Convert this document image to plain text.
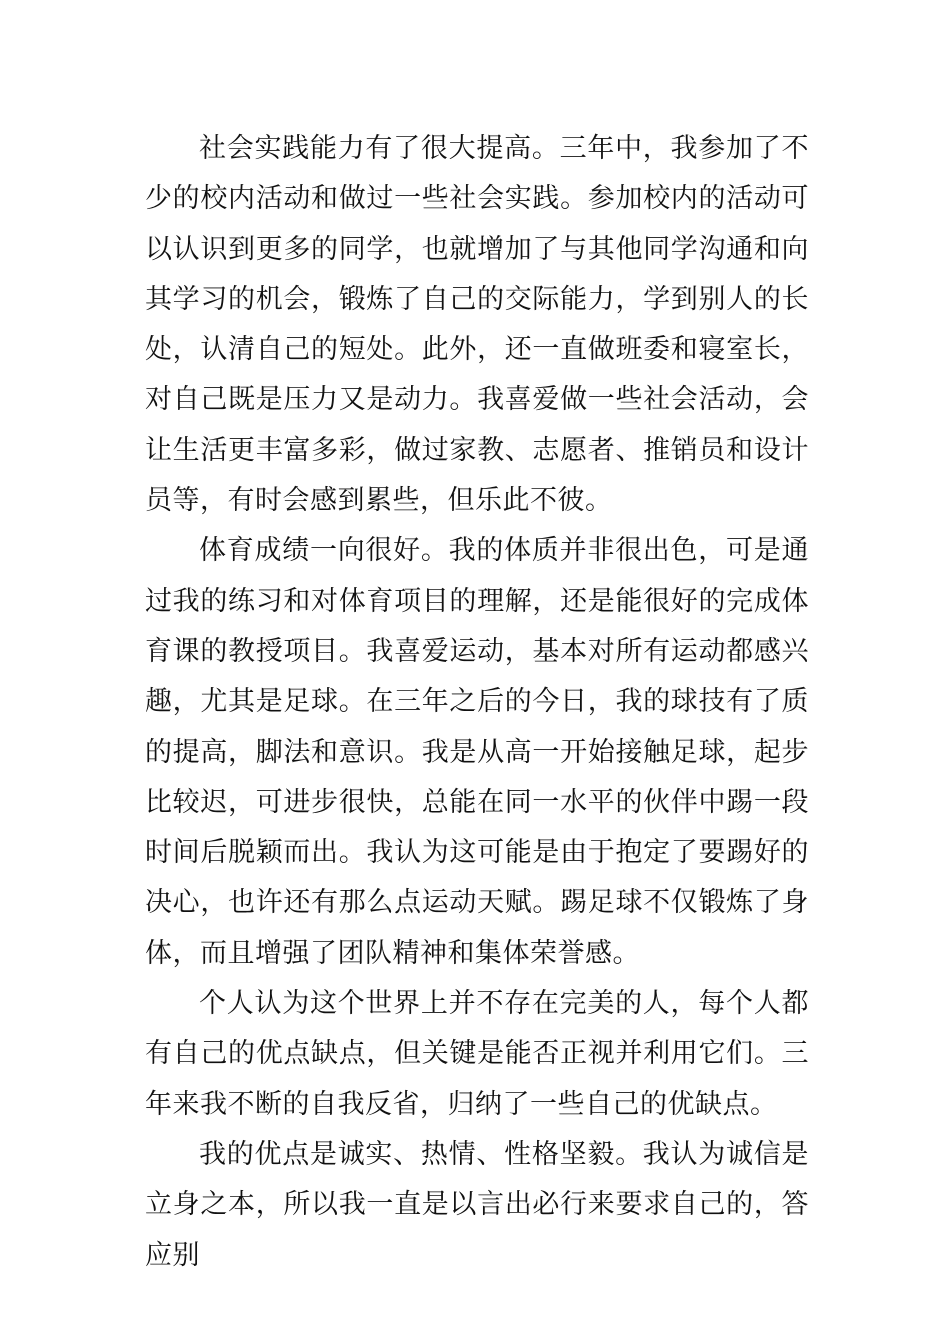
社会实践能力有了很大提高。三年中，我参加了不少的校内活动和做过一些社会实践。参加校内的活动可以认识到更多的同学，也就增加了与其他同学沟通和向其学习的机会，锻炼了自己的交际能力，学到别人的长处，认清自己的短处。此外，还一直做班委和寝室长，对自己既是压力又是动力。我喜爱做一些社会活动，会让生活更丰富多彩，做过家教、志愿者、推销员和设计员等，有时会感到累些，但乐此不彼。

体育成绩一向很好。我的体质并非很出色，可是通过我的练习和对体育项目的理解，还是能很好的完成体育课的教授项目。我喜爱运动，基本对所有运动都感兴趣，尤其是足球。在三年之后的今日，我的球技有了质的提高，脚法和意识。我是从高一开始接触足球，起步比较迟，可进步很快，总能在同一水平的伙伴中踢一段时间后脱颖而出。我认为这可能是由于抱定了要踢好的决心，也许还有那么点运动天赋。踢足球不仅锻炼了身体，而且增强了团队精神和集体荣誉感。

个人认为这个世界上并不存在完美的人，每个人都有自己的优点缺点，但关键是能否正视并利用它们。三年来我不断的自我反省，归纳了一些自己的优缺点。

我的优点是诚实、热情、性格坚毅。我认为诚信是立身之本，所以我一直是以言出必行来要求自己的，答应别
